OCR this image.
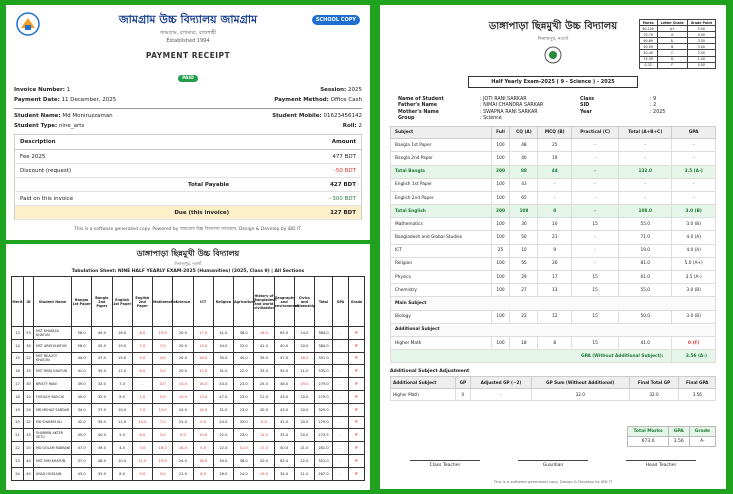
জামগ্রাম উচ্চ বিদ্যালয় জামগ্রাম
জামগ্রাম, বাগমারা, রাজশাহী
Established 1994
SCHOOL COPY
PAYMENT RECEIPT
PAID
Invoice Number: 1	Session: 2025
Payment Date: 11 December, 2025	Payment Method: Office Cash
Student Name: Md Moniruzzaman	Student Mobile: 01623456142
Student Type: nine_arts	Roll: 2
Description	Amount
Fee 2025	477 BDT
Discount (request)	-50 BDT
Total Payable	427 BDT
Paid on this invoice	- 300 BDT
Due (this invoice)	127 BDT
This is a software generated copy. Powered by জামগ্রাম উচ্চ বিদ্যালয় জামগ্রাম. Design & Develop by iBD IT.
ডাঙ্গাপাড়া ছিন্নমুখী উচ্চ বিদ্যালয়
দিনাজপুর, নওগাঁ
Tabulation Sheet: NINE HALF YEARLY EXAM-2025 (Humanities) (2025, Class 9) | All Sections
Merit	ID	Student Name	Bangla 1st Paper	Bangla 2nd Paper	English 1st Paper	English 2nd Paper	Mathematics	Science	ICT	Religion	Agriculture	History of Bangladesh and world civilization	Geography and environment	Civics and citizenship	Total	GPA	Grade
13	53	MST KHADIZA KHATUN	58.0	49.0	18.0	8.0	19.0	20.0	17.0	41.0	36.0	16.0	65.0	24.0	384.0	-	F
14	34	MST ARIN KHATUN	58.0	45.0	19.0	7.0	7.0	20.0	13.0	34.0	32.0	41.0	40.0	20.0	384.0	-	F
15	22	MST BEAUTY KHATUN	44.0	47.0	19.0	9.0	3.0	20.0	16.0	30.0	40.0	39.0	47.0	16.0	351.0	-	F
16	33	MST RIMA KHATUN	41.0	39.0	12.0	6.0	3.0	20.0	12.0	31.0	22.0	33.0	55.0	21.0	335.0	-	F
17	30	BRISTY RANI	39.0	33.0	7.0	-	3.0	14.0	16.0	43.0	23.0	25.0	48.0	19.0	279.0	-	F
18	10	FURUJOY BAGCHI	40.0	32.0	8.0	1.0	5.0	10.0	13.0	47.0	23.0	21.0	43.0	20.0	279.0	-	F
19	24	MD MEHAZ SARDAR	34.0	37.0	10.0	7.0	12.0	24.0	14.0	31.0	23.0	30.0	43.0	20.0	329.0	-	F
20	32	MD SHAMIM ALI	42.0	39.0	11.0	14.0	7.0	21.0	0.0	24.0	33.0	0.0	41.0	20.0	279.0	-	F
21	25	SHARMIN AKTER SETU	35.0	40.0	5.0	6.0	3.0	9.0	10.0	22.0	23.0	12.0	35.0	20.0	273.5	-	F
22	20	MD GOLAM RABBANI	47.0	39.0	4.0	3.0	16.0	16.0	5.0	22.0	11.0	17.0	40.0	21.0	281.0	-	F
23	44	MST MIM KHATUN	37.0	48.0	10.0	11.0	19.0	24.0	16.0	30.0	36.0	20.0	62.0	22.0	351.0	-	F
24	40	JIHAD HOSSAIN	43.0	35.0	8.0	9.0	3.0	21.0	8.0	26.0	24.0	15.0	34.0	21.0	267.0	-	F
ডাঙ্গাপাড়া ছিন্নমুখী উচ্চ বিদ্যালয়
দিনাজপুর, নওগাঁ
Half Yearly Exam-2025 ( 9 - Science ) - 2025
Marks	Letter Grade	Grade Point
80-100	A+	5.00
70-79	A	4.00
60-69	A-	3.50
50-59	B	3.00
40-49	C	2.00
33-39	D	1.00
0-32	F	0.00
Name of Student	: JOTI RANI SARKAR	Class	: 9
Father's Name	: NIMAI CHANDRA SARKAR	SID	: 2
Mother's Name	: SWAPNA RANI SARKAR	Year	: 2025
Group	: Science
Subject	Full	CQ (A)	MCQ (B)	Practical (C)	Total (A+B+C)	GPA
Bangla 1st Paper	100	48	25	-	-	-
Bangla 2nd Paper	100	40	19	-	-	-
Total Bangla	200	88	44	-	132.0	3.5 (A-)
English 1st Paper	100	43	-	-	-	-
English 2nd Paper	100	65	-	-	-	-
Total English	200	108	0	-	108.0	3.0 (B)
Mathematics	100	30	10	15	55.0	3.0 (B)
Bangladesh and Global Studies	100	50	21	-	71.0	4.0 (A)
ICT	25	10	9	-	19.0	4.0 (A)
Religion	100	55	26	-	81.0	5.0 (A+)
Physics	100	29	17	15	61.0	3.5 (A-)
Chemistry	100	27	13	15	55.0	3.0 (B)
Main Subject						
Biology	100	23	12	15	50.0	3.0 (B)
Additional Subject						
Higher Math	100	18	8	15	41.0	0 (F)
GPA (Without Additional Subject):						3.56 (A-)
Additional Subject Adjustment
Additional Subject	GP	Adjusted GP (−2)	GP Sum (Without Additional)	Final Total GP	Final GPA
Higher Math	0	-	32.0	32.0	3.56
Total Marks	GPA	Grade
673.0	3.56	A-
Class Teacher	Guardian	Head Teacher
This is a software generated copy. Design & Develop by iBD IT
